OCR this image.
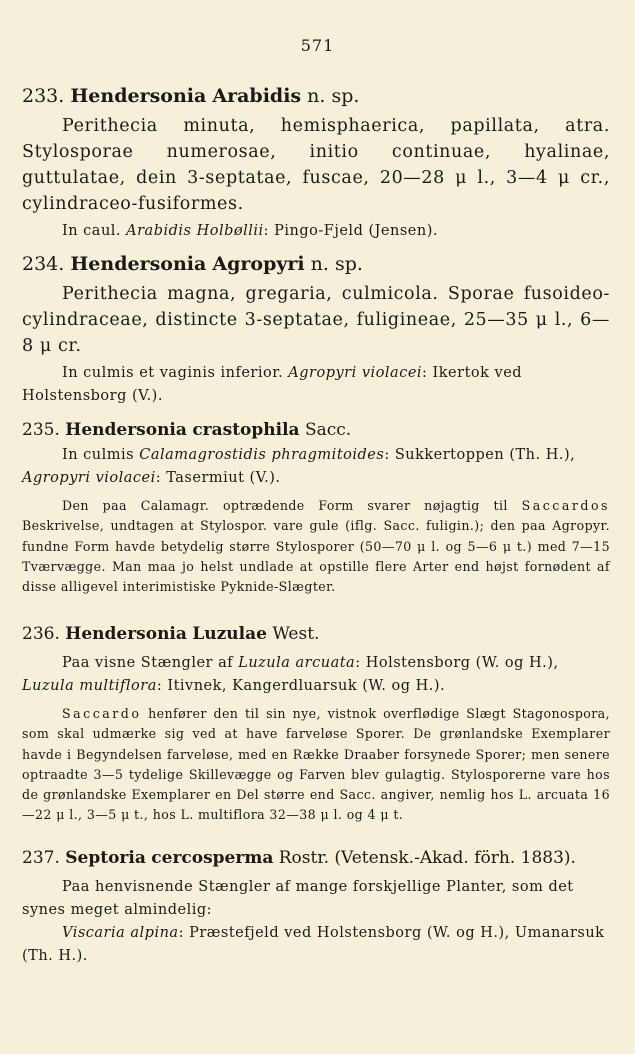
571

233. Hendersonia Arabidis n. sp.

Perithecia minuta, hemisphaerica, papillata, atra. Stylosporae numerosae, initio continuae, hyalinae, guttulatae, dein 3-septatae, fuscae, 20—28 μ l., 3—4 μ cr., cylindraceo-fusiformes.

In caul. Arabidis Holbøllii: Pingo-Fjeld (Jensen).

234. Hendersonia Agropyri n. sp.

Perithecia magna, gregaria, culmicola. Sporae fusoideo-cylindraceae, distincte 3-septatae, fuligineae, 25—35 μ l., 6—8 μ cr.

In culmis et vaginis inferior. Agropyri violacei: Ikertok ved Holstensborg (V.).

235. Hendersonia crastophila Sacc.

In culmis Calamagrostidis phragmitoides: Sukkertoppen (Th. H.), Agropyri violacei: Tasermiut (V.).

Den paa Calamagr. optrædende Form svarer nøjagtig til Saccardos Beskrivelse, undtagen at Stylospor. vare gule (iflg. Sacc. fuligin.); den paa Agropyr. fundne Form havde betydelig større Stylosporer (50—70 μ l. og 5—6 μ t.) med 7—15 Tværvægge. Man maa jo helst undlade at opstille flere Arter end højst fornødent af disse alligevel interimistiske Pyknide-Slægter.

236. Hendersonia Luzulae West.

Paa visne Stængler af Luzula arcuata: Holstensborg (W. og H.), Luzula multiflora: Itivnek, Kangerdluarsuk (W. og H.).

Saccardo henfører den til sin nye, vistnok overflødige Slægt Stagonospora, som skal udmærke sig ved at have farveløse Sporer. De grønlandske Exemplarer havde i Begyndelsen farveløse, med en Række Draaber forsynede Sporer; men senere optraadte 3—5 tydelige Skillevægge og Farven blev gulagtig. Stylosporerne vare hos de grønlandske Exemplarer en Del større end Sacc. angiver, nemlig hos L. arcuata 16—22 μ l., 3—5 μ t., hos L. multiflora 32—38 μ l. og 4 μ t.

237. Septoria cercosperma Rostr. (Vetensk.-Akad. förh. 1883).

Paa henvisnende Stængler af mange forskjellige Planter, som det synes meget almindelig:

Viscaria alpina: Præstefjeld ved Holstensborg (W. og H.), Umanarsuk (Th. H.).
